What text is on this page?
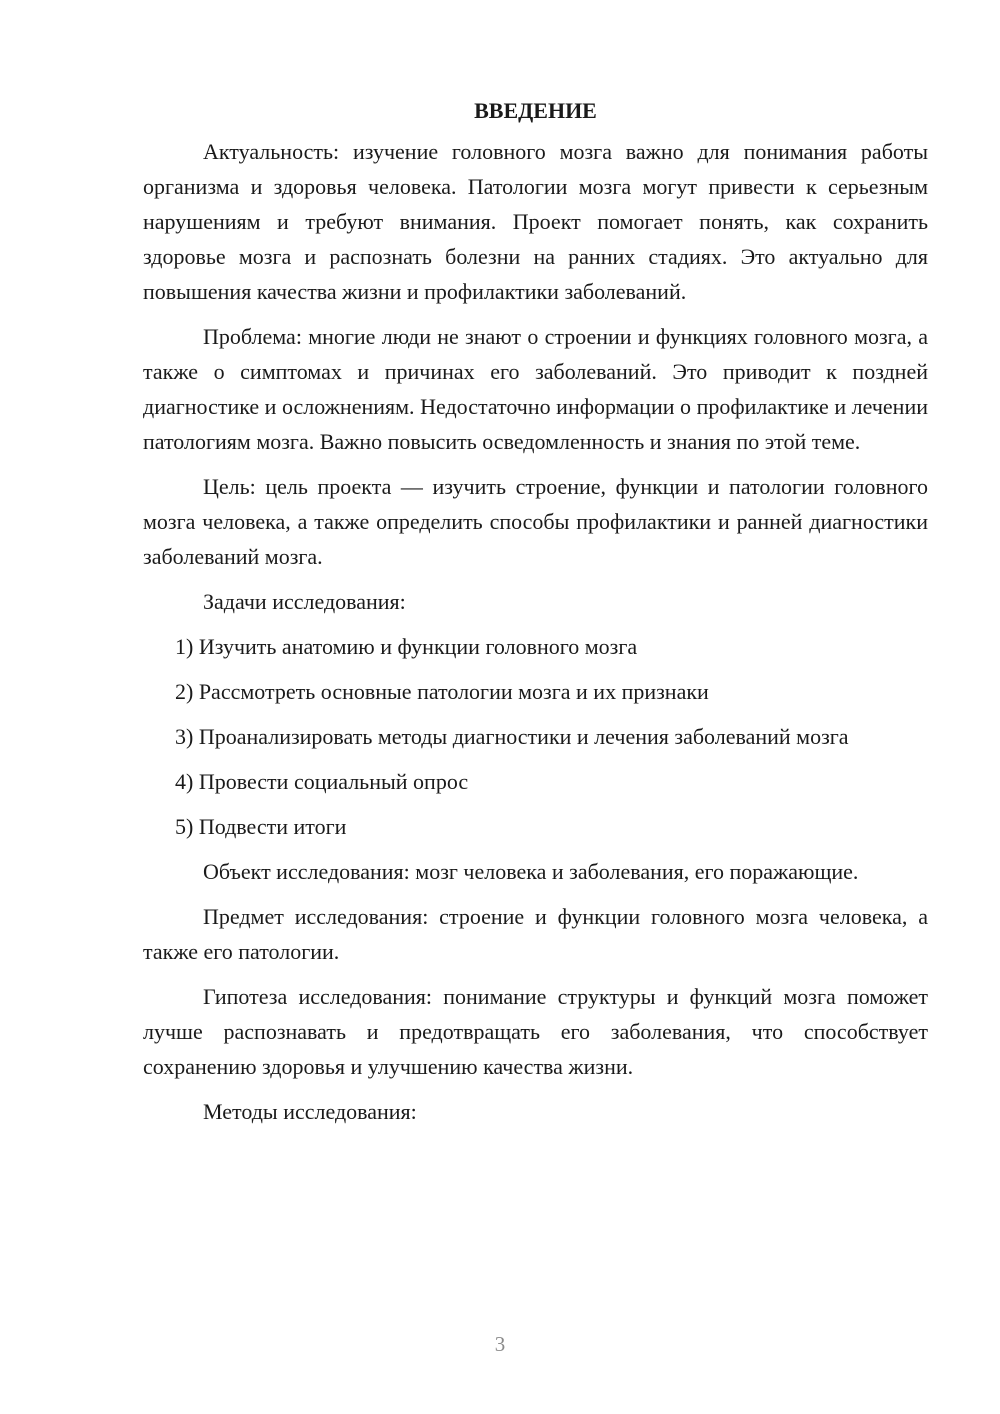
ВВЕДЕНИЕ

Актуальность: изучение головного мозга важно для понимания работы организма и здоровья человека. Патологии мозга могут привести к серьезным нарушениям и требуют внимания. Проект помогает понять, как сохранить здоровье мозга и распознать болезни на ранних стадиях. Это актуально для повышения качества жизни и профилактики заболеваний.

Проблема: многие люди не знают о строении и функциях головного мозга, а также о симптомах и причинах его заболеваний. Это приводит к поздней диагностике и осложнениям. Недостаточно информации о профилактике и лечении патологиям мозга. Важно повысить осведомленность и знания по этой теме.

Цель: цель проекта — изучить строение, функции и патологии головного мозга человека, а также определить способы профилактики и ранней диагностики заболеваний мозга.

Задачи исследования:

1) Изучить анатомию и функции головного мозга

2) Рассмотреть основные патологии мозга и их признаки

3) Проанализировать методы диагностики и лечения заболеваний мозга

4) Провести социальный опрос

5) Подвести итоги

Объект исследования: мозг человека и заболевания, его поражающие.

Предмет исследования: строение и функции головного мозга человека, а также его патологии.

Гипотеза исследования: понимание структуры и функций мозга поможет лучше распознавать и предотвращать его заболевания, что способствует сохранению здоровья и улучшению качества жизни.

Методы исследования:

3
